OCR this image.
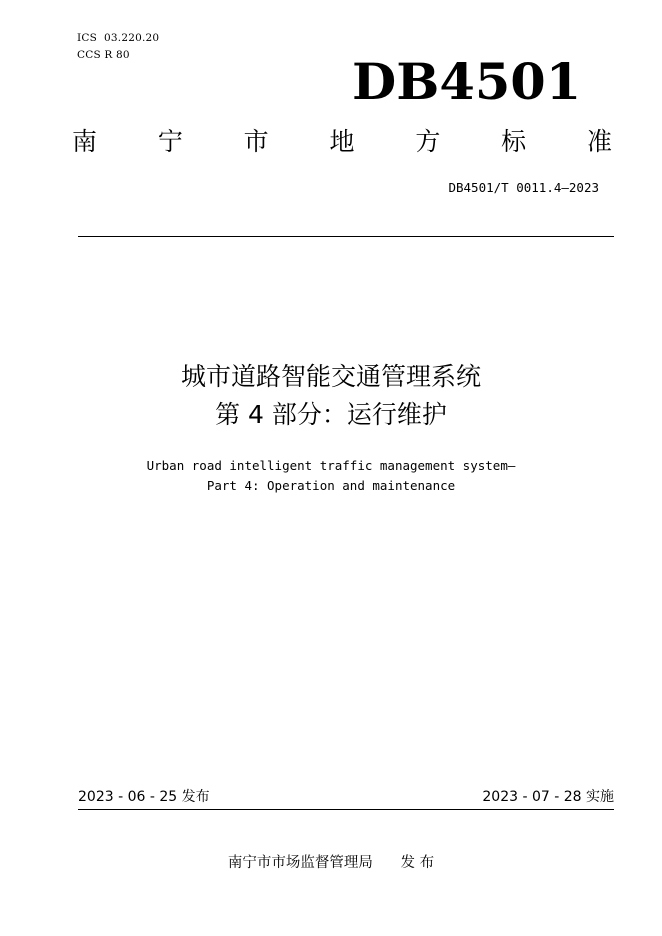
ICS  03.220.20
CCS R 80	DB4501
南 宁 市 地 方 标 准
DB4501/T 0011.4—2023
城市道路智能交通管理系统
第 4 部分：运行维护
Urban road intelligent traffic management system—
Part 4: Operation and maintenance
2023 - 06 - 25 发布	2023 - 07 - 28 实施
南宁市市场监督管理局      发 布
